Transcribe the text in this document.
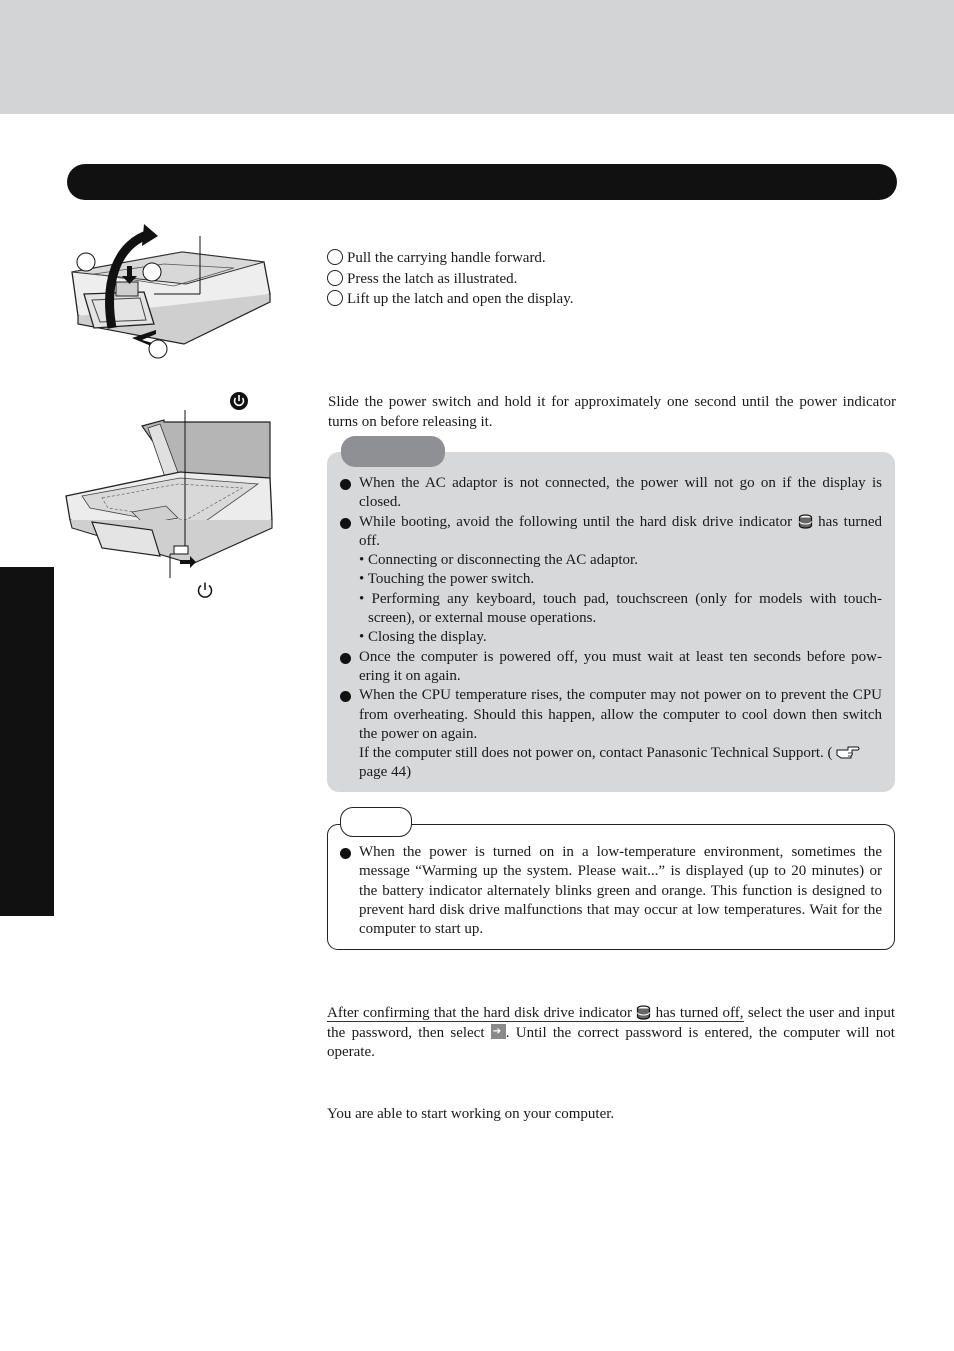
Pull the carrying handle forward.
Press the latch as illustrated.
Lift up the latch and open the display.
Slide the power switch and hold it for approximately one second until the power indicator turns on before releasing it.

When the AC adaptor is not connected, the power will not go on if the display is closed.

While booting, avoid the following until the hard disk drive indicator has turned off.

• Connecting or disconnecting the AC adaptor.

• Touching the power switch.

• Performing any keyboard, touch pad, touchscreen (only for models with touch-screen), or external mouse operations.

• Closing the display.

Once the computer is powered off, you must wait at least ten seconds before pow-ering it on again.

When the CPU temperature rises, the computer may not power on to prevent the CPU from overheating. Should this happen, allow the computer to cool down then switch the power on again.

If the computer still does not power on, contact Panasonic Technical Support. (
page 44)

When the power is turned on in a low-temperature environment, sometimes the message “Warming up the system. Please wait...” is displayed (up to 20 minutes) or the battery indicator alternately blinks green and orange. This function is designed to prevent hard disk drive malfunctions that may occur at low temperatures. Wait for the computer to start up.

After confirming that the hard disk drive indicator has turned off, select the user and input the password, then select ➔ . Until the correct password is entered, the computer will not operate.
You are able to start working on your computer.
